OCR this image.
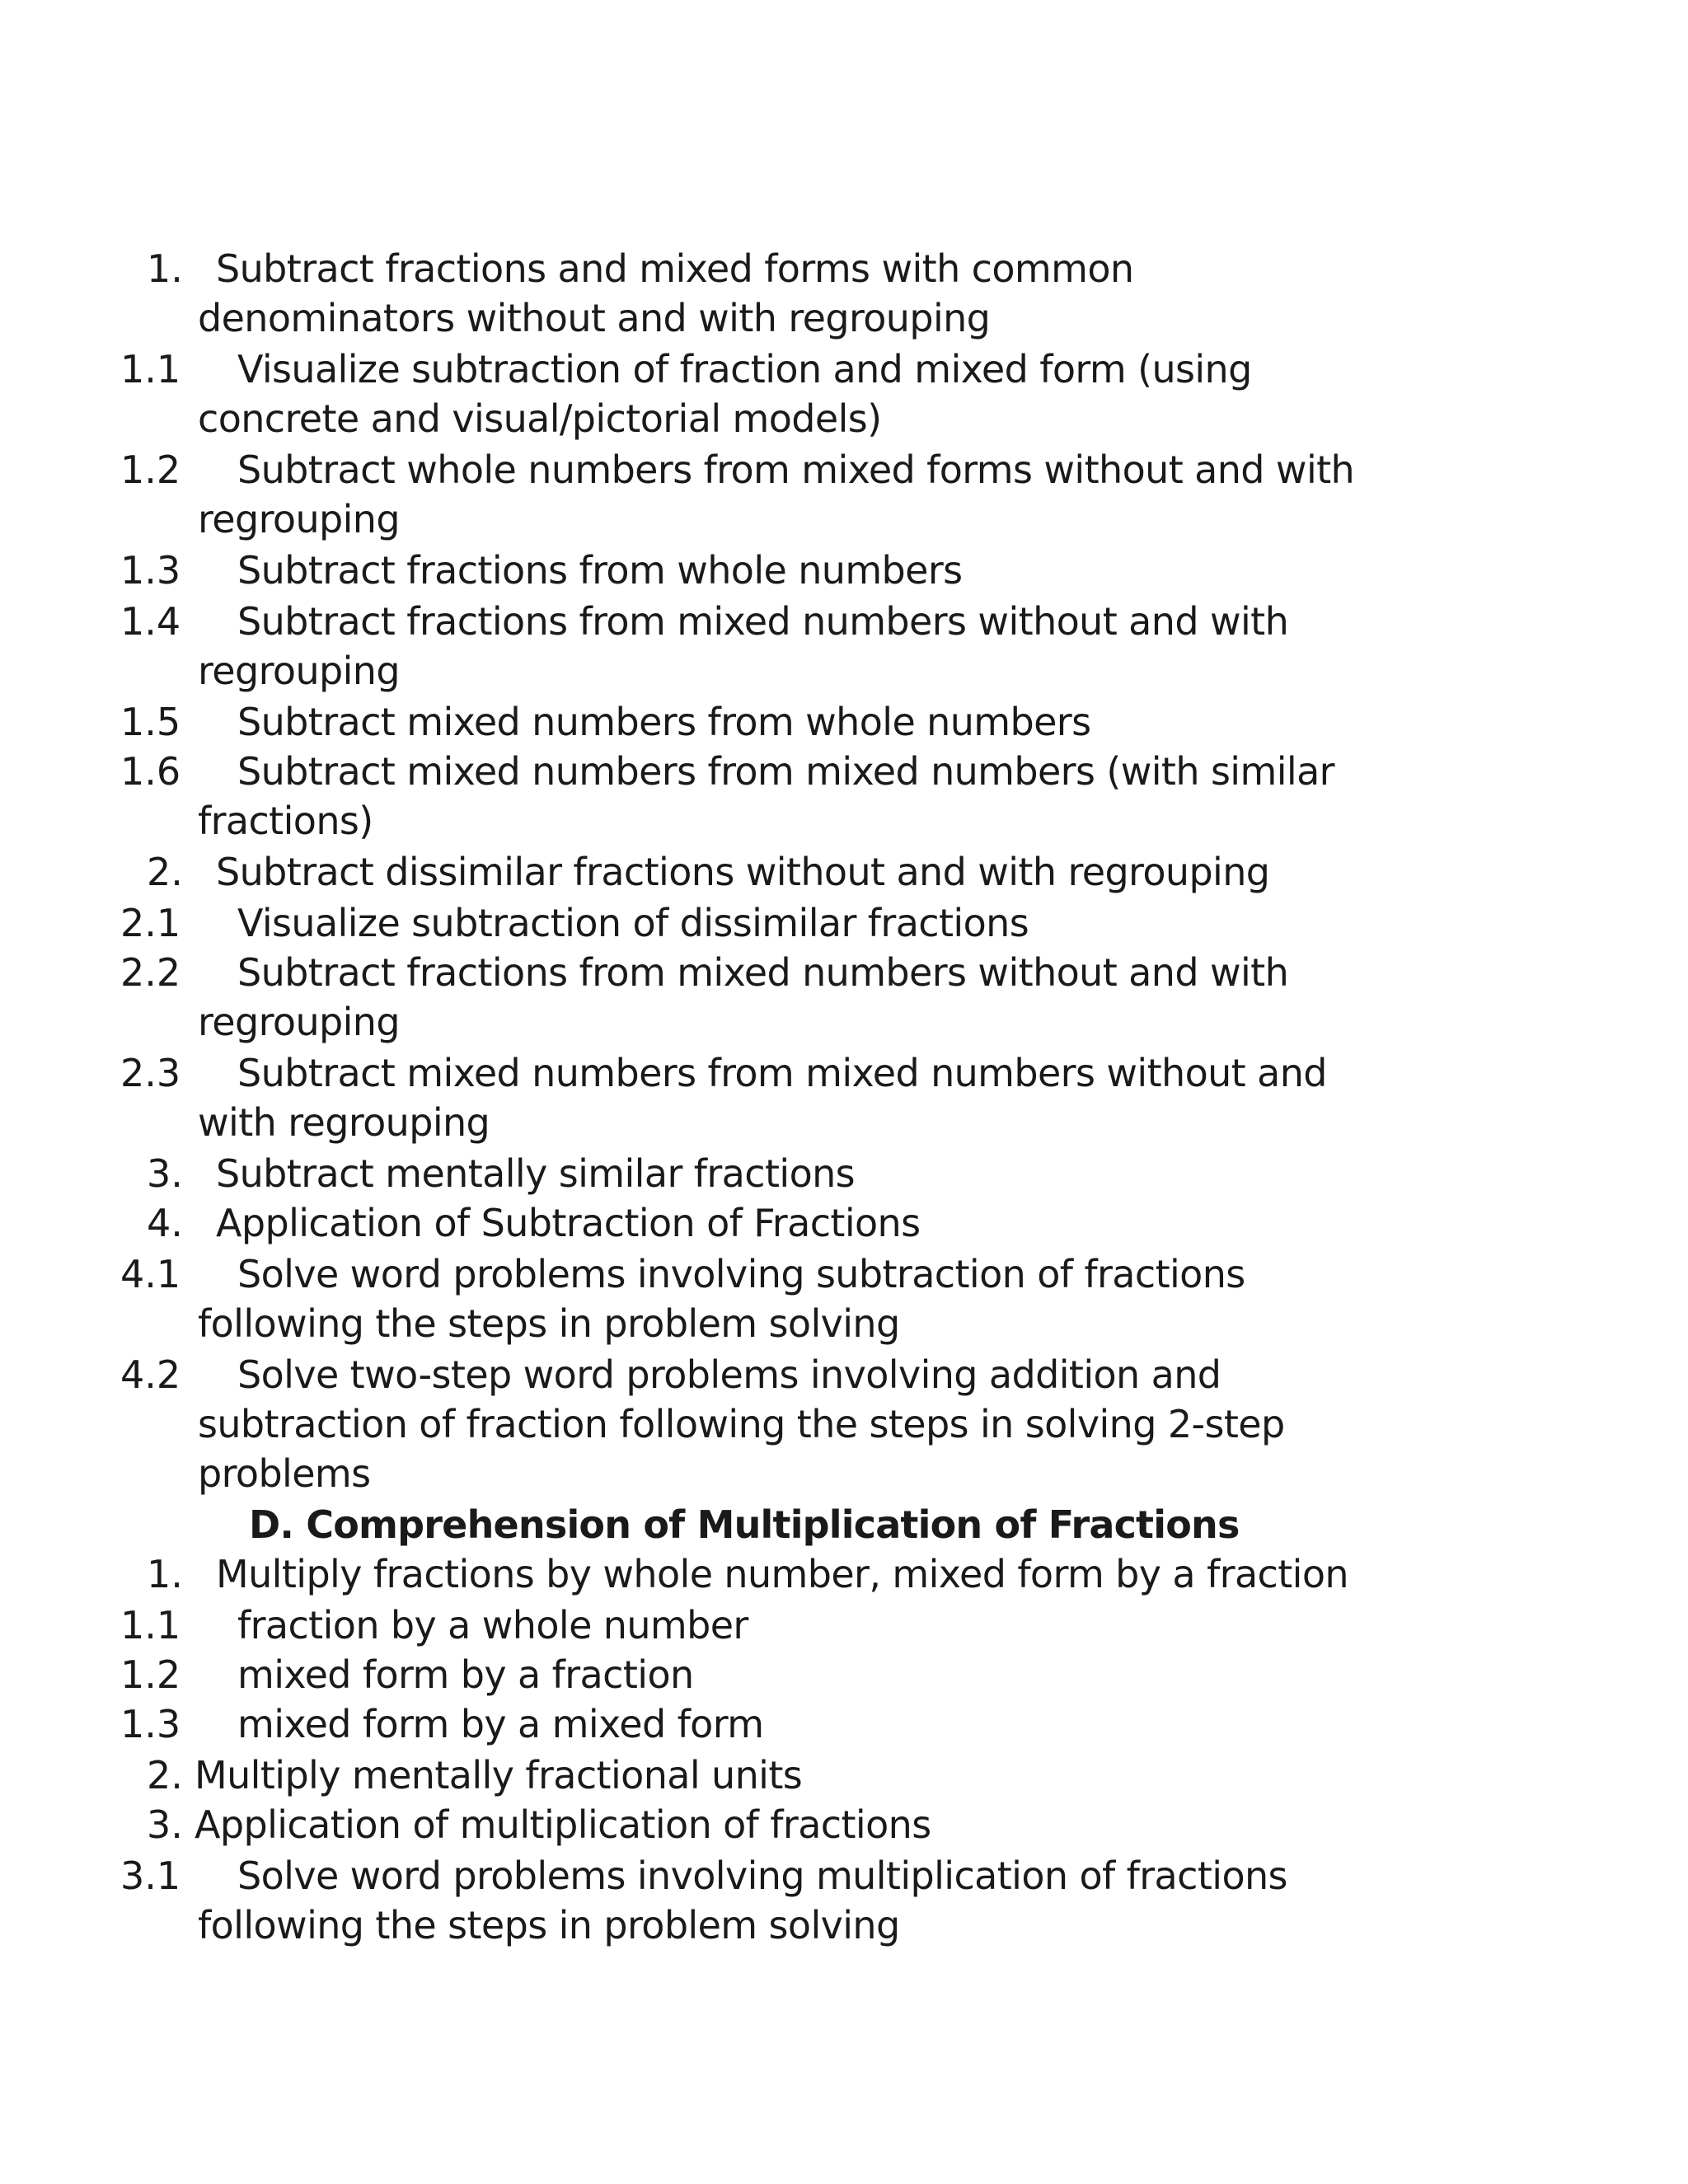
1. Subtract fractions and mixed forms with common
denominators without and with regrouping
1.1 Visualize subtraction of fraction and mixed form (using
concrete and visual/pictorial models)
1.2 Subtract whole numbers from mixed forms without and with
regrouping
1.3 Subtract fractions from whole numbers
1.4 Subtract fractions from mixed numbers without and with
regrouping
1.5 Subtract mixed numbers from whole numbers
1.6 Subtract mixed numbers from mixed numbers (with similar
fractions)
2. Subtract dissimilar fractions without and with regrouping
2.1 Visualize subtraction of dissimilar fractions
2.2 Subtract fractions from mixed numbers without and with
regrouping
2.3 Subtract mixed numbers from mixed numbers without and
with regrouping
3. Subtract mentally similar fractions
4. Application of Subtraction of Fractions
4.1 Solve word problems involving subtraction of fractions
following the steps in problem solving
4.2 Solve two-step word problems involving addition and
subtraction of fraction following the steps in solving 2-step
problems
D. Comprehension of Multiplication of Fractions
1. Multiply fractions by whole number, mixed form by a fraction
1.1 fraction by a whole number
1.2 mixed form by a fraction
1.3 mixed form by a mixed form
2. Multiply mentally fractional units
3. Application of multiplication of fractions
3.1 Solve word problems involving multiplication of fractions
following the steps in problem solving
